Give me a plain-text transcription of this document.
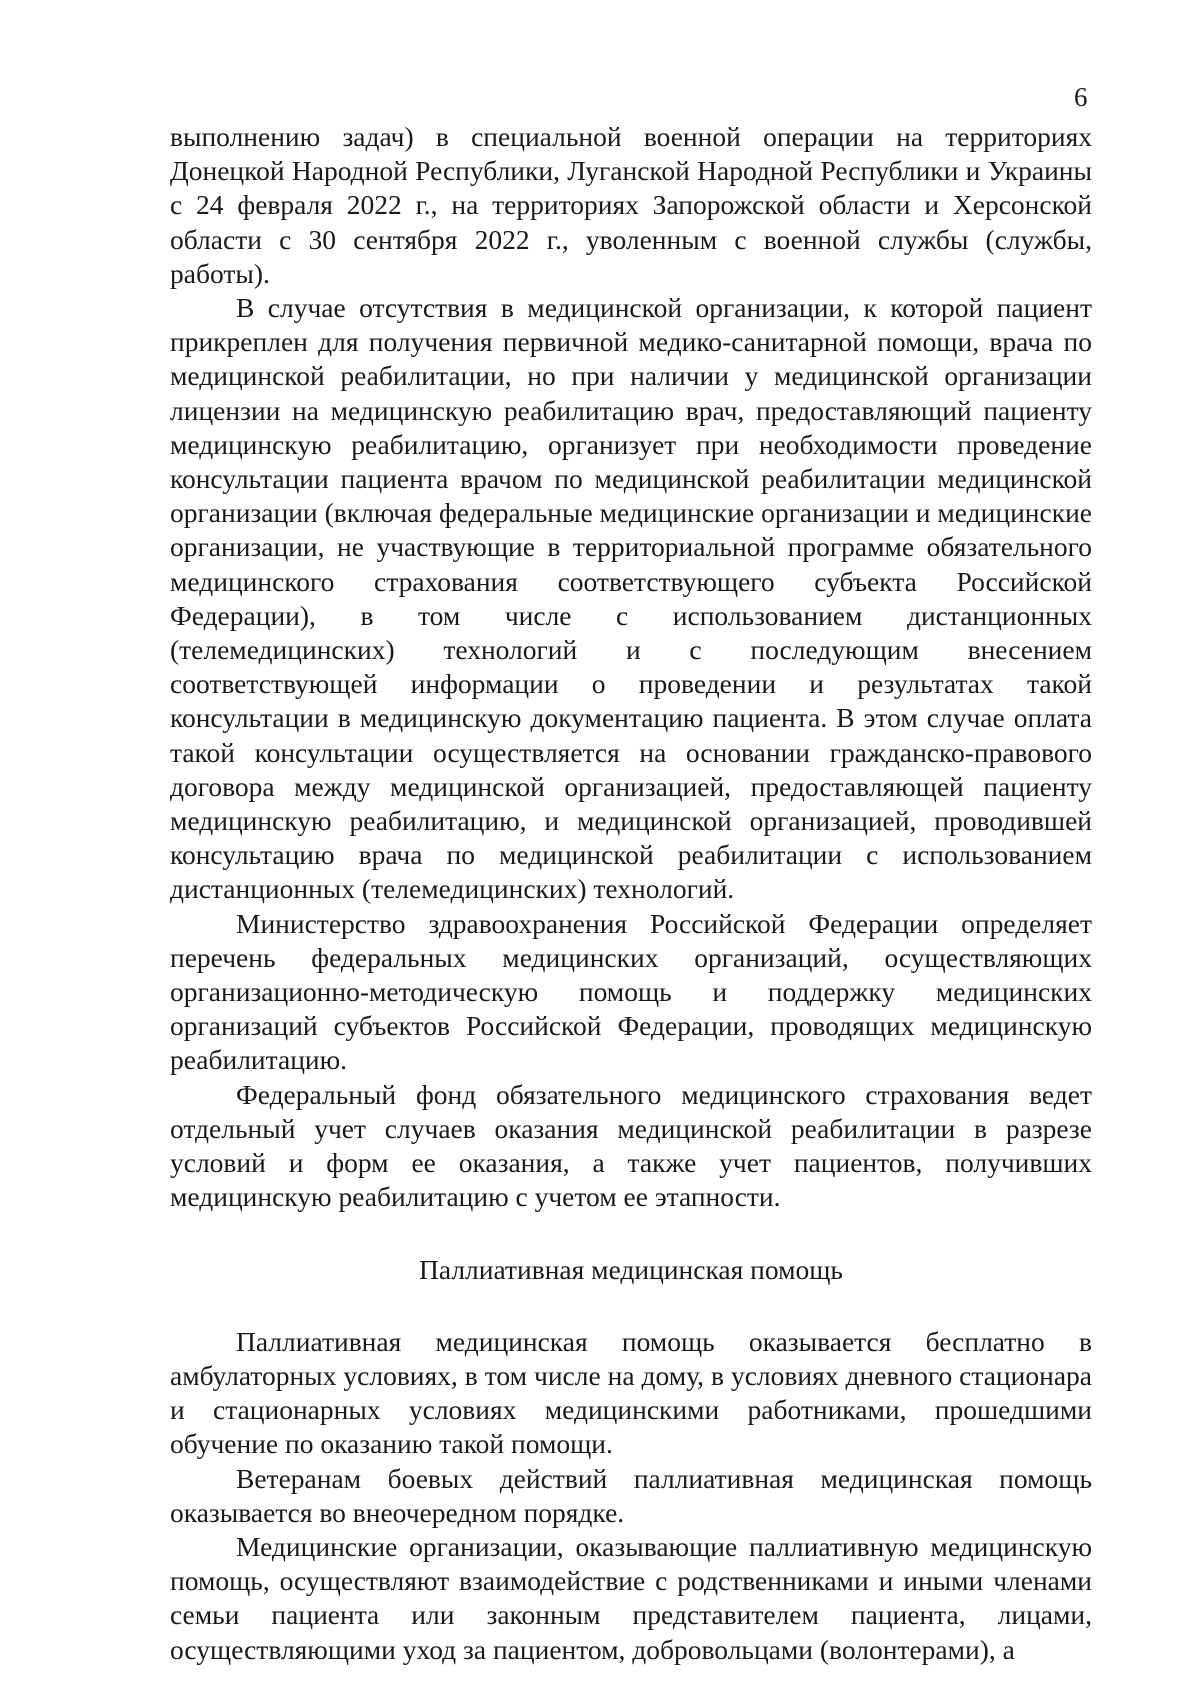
6

выполнению задач) в специальной военной операции на территориях Донецкой Народной Республики, Луганской Народной Республики и Украины с 24 февраля 2022 г., на территориях Запорожской области и Херсонской области с 30 сентября 2022 г., уволенным с военной службы (службы, работы).

В случае отсутствия в медицинской организации, к которой пациент прикреплен для получения первичной медико-санитарной помощи, врача по медицинской реабилитации, но при наличии у медицинской организации лицензии на медицинскую реабилитацию врач, предоставляющий пациенту медицинскую реабилитацию, организует при необходимости проведение консультации пациента врачом по медицинской реабилитации медицинской организации (включая федеральные медицинские организации и медицинские организации, не участвующие в территориальной программе обязательного медицинского страхования соответствующего субъекта Российской Федерации), в том числе с использованием дистанционных (телемедицинских) технологий и с последующим внесением соответствующей информации о проведении и результатах такой консультации в медицинскую документацию пациента. В этом случае оплата такой консультации осуществляется на основании гражданско-правового договора между медицинской организацией, предоставляющей пациенту медицинскую реабилитацию, и медицинской организацией, проводившей консультацию врача по медицинской реабилитации с использованием дистанционных (телемедицинских) технологий.

Министерство здравоохранения Российской Федерации определяет перечень федеральных медицинских организаций, осуществляющих организационно-методическую помощь и поддержку медицинских организаций субъектов Российской Федерации, проводящих медицинскую реабилитацию.

Федеральный фонд обязательного медицинского страхования ведет отдельный учет случаев оказания медицинской реабилитации в разрезе условий и форм ее оказания, а также учет пациентов, получивших медицинскую реабилитацию с учетом ее этапности.

Паллиативная медицинская помощь

Паллиативная медицинская помощь оказывается бесплатно в амбулаторных условиях, в том числе на дому, в условиях дневного стационара и стационарных условиях медицинскими работниками, прошедшими обучение по оказанию такой помощи.

Ветеранам боевых действий паллиативная медицинская помощь оказывается во внеочередном порядке.

Медицинские организации, оказывающие паллиативную медицинскую помощь, осуществляют взаимодействие с родственниками и иными членами семьи пациента или законным представителем пациента, лицами, осуществляющими уход за пациентом, добровольцами (волонтерами), а
